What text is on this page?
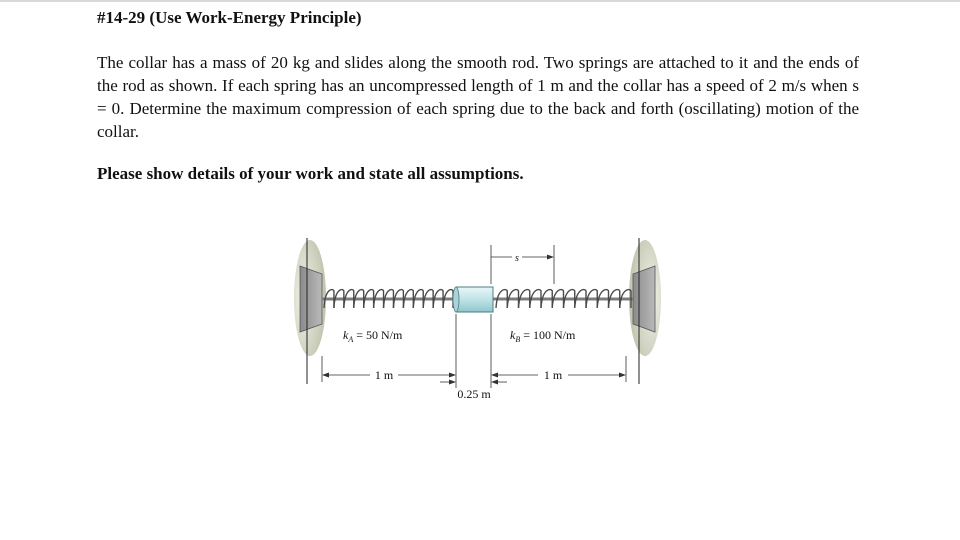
#14-29 (Use Work-Energy Principle)

The collar has a mass of 20 kg and slides along the smooth rod. Two springs are attached to it and the ends of the rod as shown. If each spring has an uncompressed length of 1 m and the collar has a speed of 2 m/s when s = 0. Determine the maximum compression of each spring due to the back and forth (oscillating) motion of the collar.

Please show details of your work and state all assumptions.
s
$k_A = 50$ N/m	$k_B = 100$ N/m
1 m	1 m
0.25 m
